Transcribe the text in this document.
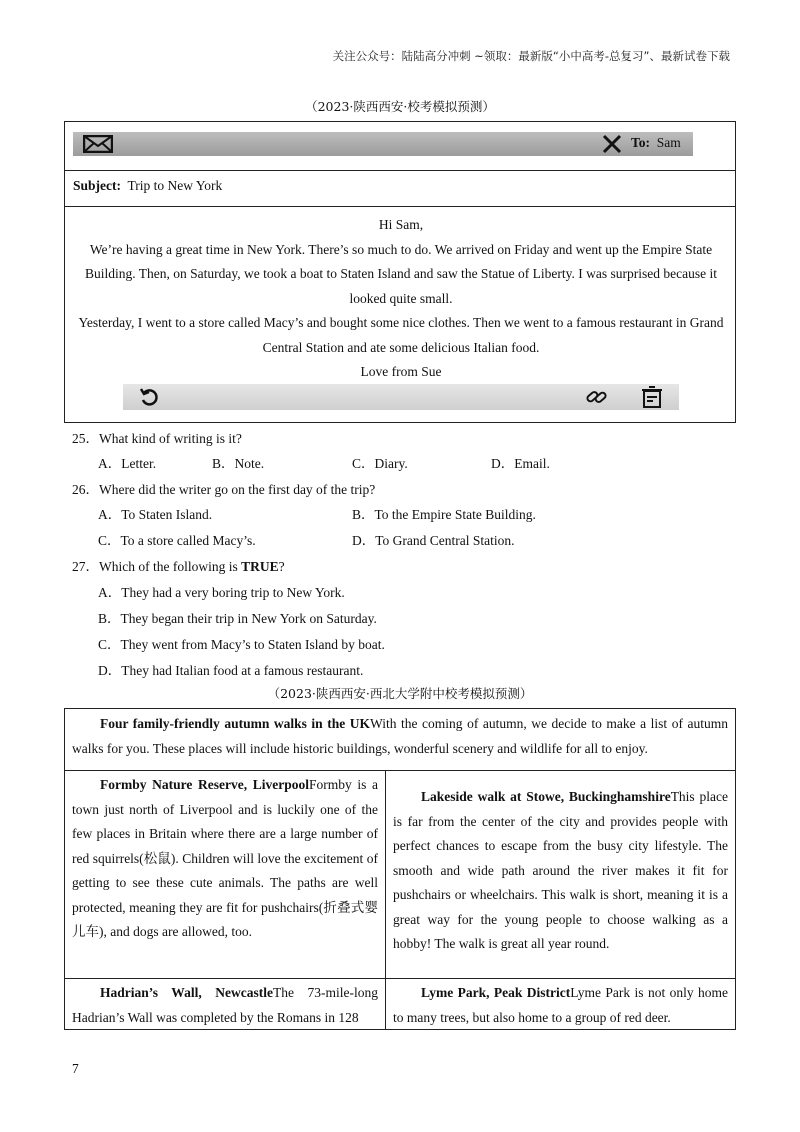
关注公众号：陆陆高分冲刺 ~领取：最新版“小中高考-总复习”、最新试卷下载
（2023·陕西西安·校考模拟预测）
To: Sam
Subject: Trip to New York
Hi Sam,
We’re having a great time in New York. There’s so much to do. We arrived on Friday and went up the Empire State Building. Then, on Saturday, we took a boat to Staten Island and saw the Statue of Liberty. I was surprised because it looked quite small.
Yesterday, I went to a store called Macy’s and bought some nice clothes. Then we went to a famous restaurant in Grand Central Station and ate some delicious Italian food.
Love from Sue
25．What kind of writing is it?
A．Letter.	B．Note.	C．Diary.	D．Email.
26．Where did the writer go on the first day of the trip?
A．To Staten Island.	B．To the Empire State Building.
C．To a store called Macy’s.	D．To Grand Central Station.
27．Which of the following is TRUE?
A．They had a very boring trip to New York.
B．They began their trip in New York on Saturday.
C．They went from Macy’s to Staten Island by boat.
D．They had Italian food at a famous restaurant.
（2023·陕西西安·西北大学附中校考模拟预测）
Four family-friendly autumn walks in the UKWith the coming of autumn, we decide to make a list of autumn walks for you. These places will include historic buildings, wonderful scenery and wildlife for all to enjoy.
Formby Nature Reserve, LiverpoolFormby is a town just north of Liverpool and is luckily one of the few places in Britain where there are a large number of red squirrels(松鼠). Children will love the excitement of getting to see these cute animals. The paths are well protected, meaning they are fit for pushchairs(折叠式婴儿车), and dogs are allowed, too.
Lakeside walk at Stowe, BuckinghamshireThis place is far from the center of the city and provides people with perfect chances to escape from the busy city lifestyle. The smooth and wide path around the river makes it fit for pushchairs or wheelchairs. This walk is short, meaning it is a great way for the young people to choose walking as a hobby! The walk is great all year round.
Hadrian’s Wall, NewcastleThe 73-mile-long Hadrian’s Wall was completed by the Romans in 128
Lyme Park, Peak DistrictLyme Park is not only home to many trees, but also home to a group of red deer.
7
